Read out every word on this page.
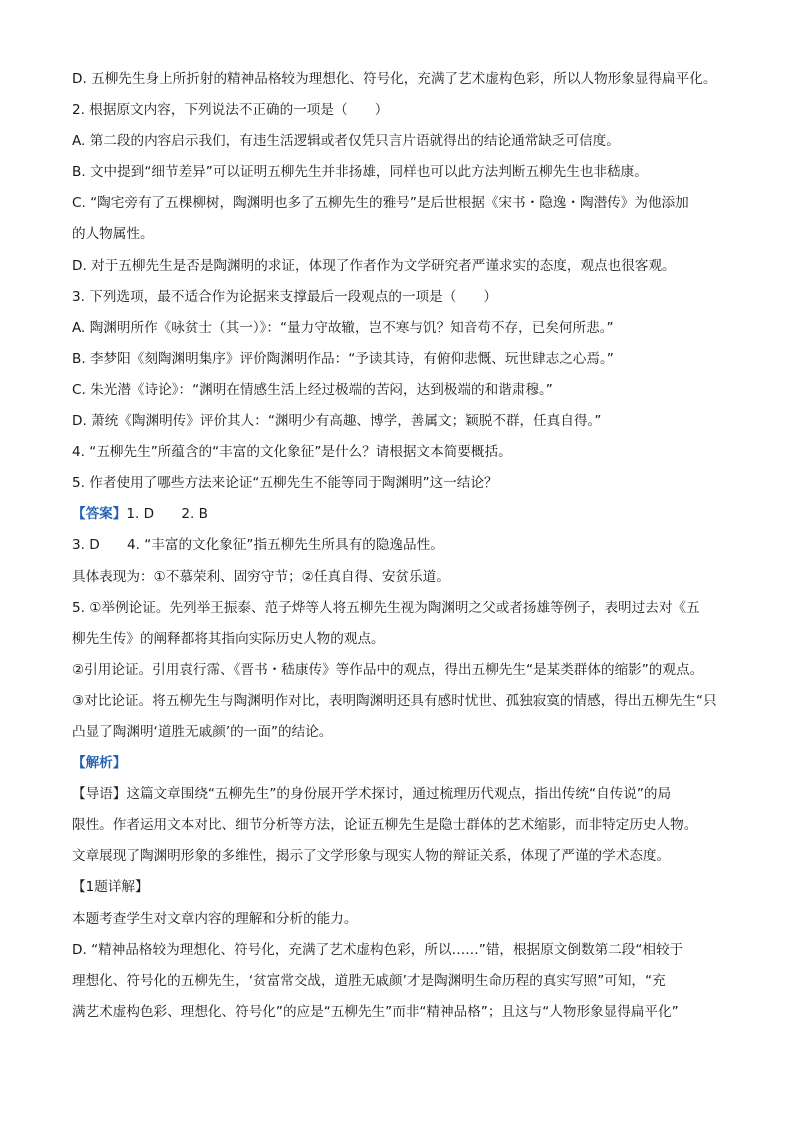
D. 五柳先生身上所折射的精神品格较为理想化、符号化，充满了艺术虚构色彩，所以人物形象显得扁平化。

2. 根据原文内容，下列说法不正确的一项是（　　）

A. 第二段的内容启示我们，有违生活逻辑或者仅凭只言片语就得出的结论通常缺乏可信度。

B. 文中提到“细节差异”可以证明五柳先生并非扬雄，同样也可以此方法判断五柳先生也非嵇康。

C. “陶宅旁有了五棵柳树，陶渊明也多了五柳先生的雅号”是后世根据《宋书・隐逸・陶潜传》为他添加

的人物属性。

D. 对于五柳先生是否是陶渊明的求证，体现了作者作为文学研究者严谨求实的态度，观点也很客观。

3. 下列选项，最不适合作为论据来支撑最后一段观点的一项是（　　）

A. 陶渊明所作《咏贫士（其一）》：“量力守故辙，岂不寒与饥？知音苟不存，已矣何所悲。”

B. 李梦阳《刻陶渊明集序》评价陶渊明作品：“予读其诗，有俯仰悲慨、玩世肆志之心焉。”

C. 朱光潜《诗论》：“渊明在情感生活上经过极端的苦闷，达到极端的和谐肃穆。”

D. 萧统《陶渊明传》评价其人：“渊明少有高趣、博学，善属文；颖脱不群，任真自得。”

4. “五柳先生”所蕴含的“丰富的文化象征”是什么？请根据文本简要概括。

5. 作者使用了哪些方法来论证“五柳先生不能等同于陶渊明”这一结论？

【答案】1. D　　2. B

3. D　　4. “丰富的文化象征”指五柳先生所具有的隐逸品性。

具体表现为：①不慕荣利、固穷守节；②任真自得、安贫乐道。

5. ①举例论证。先列举王振泰、范子烨等人将五柳先生视为陶渊明之父或者扬雄等例子，表明过去对《五

柳先生传》的阐释都将其指向实际历史人物的观点。

②引用论证。引用袁行霈、《晋书・嵇康传》等作品中的观点，得出五柳先生“是某类群体的缩影”的观点。

③对比论证。将五柳先生与陶渊明作对比，表明陶渊明还具有感时忧世、孤独寂寞的情感，得出五柳先生“只

凸显了陶渊明‘道胜无戚颜’的一面”的结论。

【解析】

【导语】这篇文章围绕“五柳先生”的身份展开学术探讨，通过梳理历代观点，指出传统“自传说”的局

限性。作者运用文本对比、细节分析等方法，论证五柳先生是隐士群体的艺术缩影，而非特定历史人物。

文章展现了陶渊明形象的多维性，揭示了文学形象与现实人物的辩证关系，体现了严谨的学术态度。

【1题详解】

本题考查学生对文章内容的理解和分析的能力。

D. “精神品格较为理想化、符号化，充满了艺术虚构色彩，所以……”错，根据原文倒数第二段“相较于

理想化、符号化的五柳先生，‘贫富常交战，道胜无戚颜’才是陶渊明生命历程的真实写照”可知，“充

满艺术虚构色彩、理想化、符号化”的应是“五柳先生”而非“精神品格”；且这与“人物形象显得扁平化”
